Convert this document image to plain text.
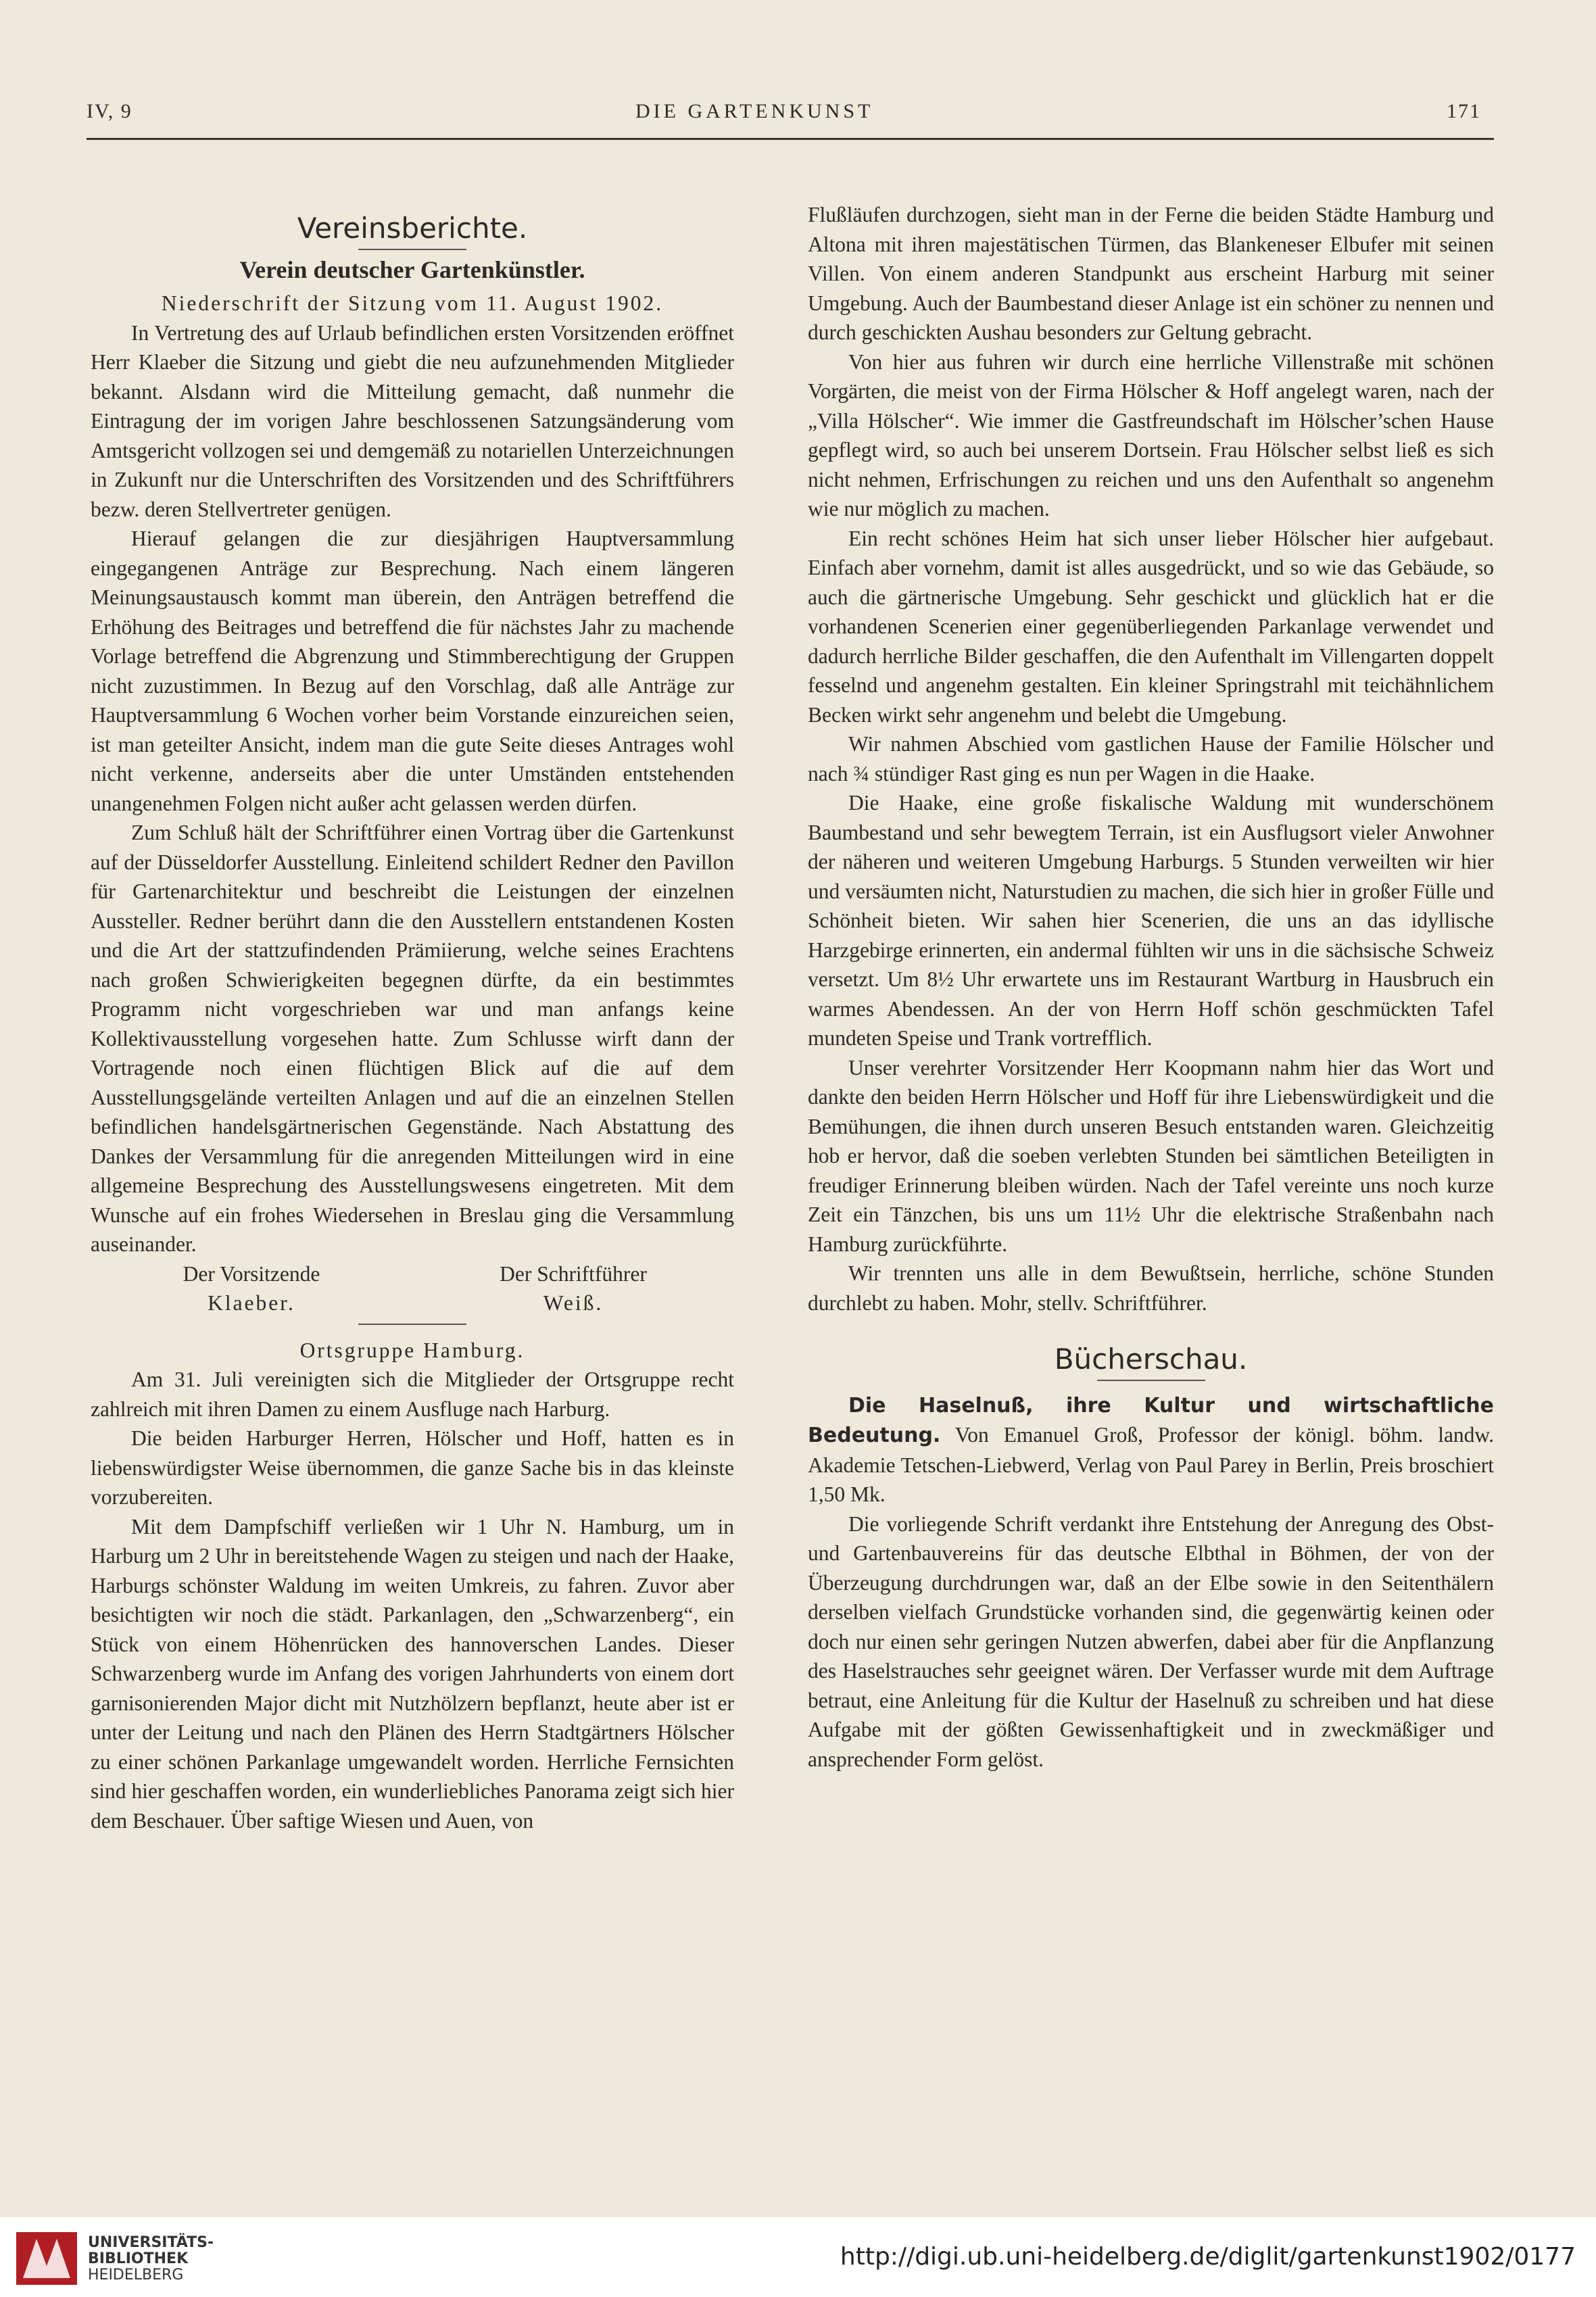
IV, 9	DIE GARTENKUNST	171
Vereinsberichte.
Verein deutscher Gartenkünstler.

Niederschrift der Sitzung vom 11. August 1902.

In Vertretung des auf Urlaub befindlichen ersten Vorsitzenden eröffnet Herr Klaeber die Sitzung und giebt die neu aufzunehmenden Mitglieder bekannt. Alsdann wird die Mitteilung gemacht, daß nunmehr die Eintragung der im vorigen Jahre beschlossenen Satzungsänderung vom Amtsgericht vollzogen sei und demgemäß zu notariellen Unterzeichnungen in Zukunft nur die Unterschriften des Vorsitzenden und des Schriftführers bezw. deren Stellvertreter genügen.

Hierauf gelangen die zur diesjährigen Hauptversammlung eingegangenen Anträge zur Besprechung. Nach einem längeren Meinungsaustausch kommt man überein, den Anträgen betreffend die Erhöhung des Beitrages und betreffend die für nächstes Jahr zu machende Vorlage betreffend die Abgrenzung und Stimmberechtigung der Gruppen nicht zuzustimmen. In Bezug auf den Vorschlag, daß alle Anträge zur Hauptversammlung 6 Wochen vorher beim Vorstande einzureichen seien, ist man geteilter Ansicht, indem man die gute Seite dieses Antrages wohl nicht verkenne, anderseits aber die unter Umständen entstehenden unangenehmen Folgen nicht außer acht gelassen werden dürfen.

Zum Schluß hält der Schriftführer einen Vortrag über die Gartenkunst auf der Düsseldorfer Ausstellung. Einleitend schildert Redner den Pavillon für Gartenarchitektur und beschreibt die Leistungen der einzelnen Aussteller. Redner berührt dann die den Ausstellern entstandenen Kosten und die Art der stattzufindenden Prämiierung, welche seines Erachtens nach großen Schwierigkeiten begegnen dürfte, da ein bestimmtes Programm nicht vorgeschrieben war und man anfangs keine Kollektivausstellung vorgesehen hatte. Zum Schlusse wirft dann der Vortragende noch einen flüchtigen Blick auf die auf dem Ausstellungsgelände verteilten Anlagen und auf die an einzelnen Stellen befindlichen handelsgärtnerischen Gegenstände. Nach Abstattung des Dankes der Versammlung für die anregenden Mitteilungen wird in eine allgemeine Besprechung des Ausstellungswesens eingetreten. Mit dem Wunsche auf ein frohes Wiedersehen in Breslau ging die Versammlung auseinander.

Der Vorsitzende	Der Schriftführer
Klaeber.	Weiß.

Ortsgruppe Hamburg.

Am 31. Juli vereinigten sich die Mitglieder der Ortsgruppe recht zahlreich mit ihren Damen zu einem Ausfluge nach Harburg.

Die beiden Harburger Herren, Hölscher und Hoff, hatten es in liebenswürdigster Weise übernommen, die ganze Sache bis in das kleinste vorzubereiten.

Mit dem Dampfschiff verließen wir 1 Uhr N. Hamburg, um in Harburg um 2 Uhr in bereitstehende Wagen zu steigen und nach der Haake, Harburgs schönster Waldung im weiten Umkreis, zu fahren. Zuvor aber besichtigten wir noch die städt. Parkanlagen, den „Schwarzenberg“, ein Stück von einem Höhenrücken des hannoverschen Landes. Dieser Schwarzenberg wurde im Anfang des vorigen Jahrhunderts von einem dort garnisonierenden Major dicht mit Nutzhölzern bepflanzt, heute aber ist er unter der Leitung und nach den Plänen des Herrn Stadtgärtners Hölscher zu einer schönen Parkanlage umgewandelt worden. Herrliche Fernsichten sind hier geschaffen worden, ein wunderliebliches Panorama zeigt sich hier dem Beschauer. Über saftige Wiesen und Auen, von

Flußläufen durchzogen, sieht man in der Ferne die beiden Städte Hamburg und Altona mit ihren majestätischen Türmen, das Blankeneser Elbufer mit seinen Villen. Von einem anderen Standpunkt aus erscheint Harburg mit seiner Umgebung. Auch der Baumbestand dieser Anlage ist ein schöner zu nennen und durch geschickten Aushau besonders zur Geltung gebracht.

Von hier aus fuhren wir durch eine herrliche Villenstraße mit schönen Vorgärten, die meist von der Firma Hölscher & Hoff angelegt waren, nach der „Villa Hölscher“. Wie immer die Gastfreundschaft im Hölscher’schen Hause gepflegt wird, so auch bei unserem Dortsein. Frau Hölscher selbst ließ es sich nicht nehmen, Erfrischungen zu reichen und uns den Aufenthalt so angenehm wie nur möglich zu machen.

Ein recht schönes Heim hat sich unser lieber Hölscher hier aufgebaut. Einfach aber vornehm, damit ist alles ausgedrückt, und so wie das Gebäude, so auch die gärtnerische Umgebung. Sehr geschickt und glücklich hat er die vorhandenen Scenerien einer gegenüberliegenden Parkanlage verwendet und dadurch herrliche Bilder geschaffen, die den Aufenthalt im Villengarten doppelt fesselnd und angenehm gestalten. Ein kleiner Springstrahl mit teichähnlichem Becken wirkt sehr angenehm und belebt die Umgebung.

Wir nahmen Abschied vom gastlichen Hause der Familie Hölscher und nach ¾ stündiger Rast ging es nun per Wagen in die Haake.

Die Haake, eine große fiskalische Waldung mit wunderschönem Baumbestand und sehr bewegtem Terrain, ist ein Ausflugsort vieler Anwohner der näheren und weiteren Umgebung Harburgs. 5 Stunden verweilten wir hier und versäumten nicht, Naturstudien zu machen, die sich hier in großer Fülle und Schönheit bieten. Wir sahen hier Scenerien, die uns an das idyllische Harzgebirge erinnerten, ein andermal fühlten wir uns in die sächsische Schweiz versetzt. Um 8½ Uhr erwartete uns im Restaurant Wartburg in Hausbruch ein warmes Abendessen. An der von Herrn Hoff schön geschmückten Tafel mundeten Speise und Trank vortrefflich.

Unser verehrter Vorsitzender Herr Koopmann nahm hier das Wort und dankte den beiden Herrn Hölscher und Hoff für ihre Liebenswürdigkeit und die Bemühungen, die ihnen durch unseren Besuch entstanden waren. Gleichzeitig hob er hervor, daß die soeben verlebten Stunden bei sämtlichen Beteiligten in freudiger Erinnerung bleiben würden. Nach der Tafel vereinte uns noch kurze Zeit ein Tänzchen, bis uns um 11½ Uhr die elektrische Straßenbahn nach Hamburg zurückführte.

Wir trennten uns alle in dem Bewußtsein, herrliche, schöne Stunden durchlebt zu haben. Mohr, stellv. Schriftführer.

Bücherschau.

Die Haselnuß, ihre Kultur und wirtschaftliche Bedeutung. Von Emanuel Groß, Professor der königl. böhm. landw. Akademie Tetschen-Liebwerd, Verlag von Paul Parey in Berlin, Preis broschiert 1,50 Mk.

Die vorliegende Schrift verdankt ihre Entstehung der Anregung des Obst- und Gartenbauvereins für das deutsche Elbthal in Böhmen, der von der Überzeugung durchdrungen war, daß an der Elbe sowie in den Seitenthälern derselben vielfach Grundstücke vorhanden sind, die gegenwärtig keinen oder doch nur einen sehr geringen Nutzen abwerfen, dabei aber für die Anpflanzung des Haselstrauches sehr geeignet wären. Der Verfasser wurde mit dem Auftrage betraut, eine Anleitung für die Kultur der Haselnuß zu schreiben und hat diese Aufgabe mit der gößten Gewissenhaftigkeit und in zweckmäßiger und ansprechender Form gelöst.

UNIVERSITÄTS-
BIBLIOTHEK
HEIDELBERG
http://digi.ub.uni-heidelberg.de/diglit/gartenkunst1902/0177
